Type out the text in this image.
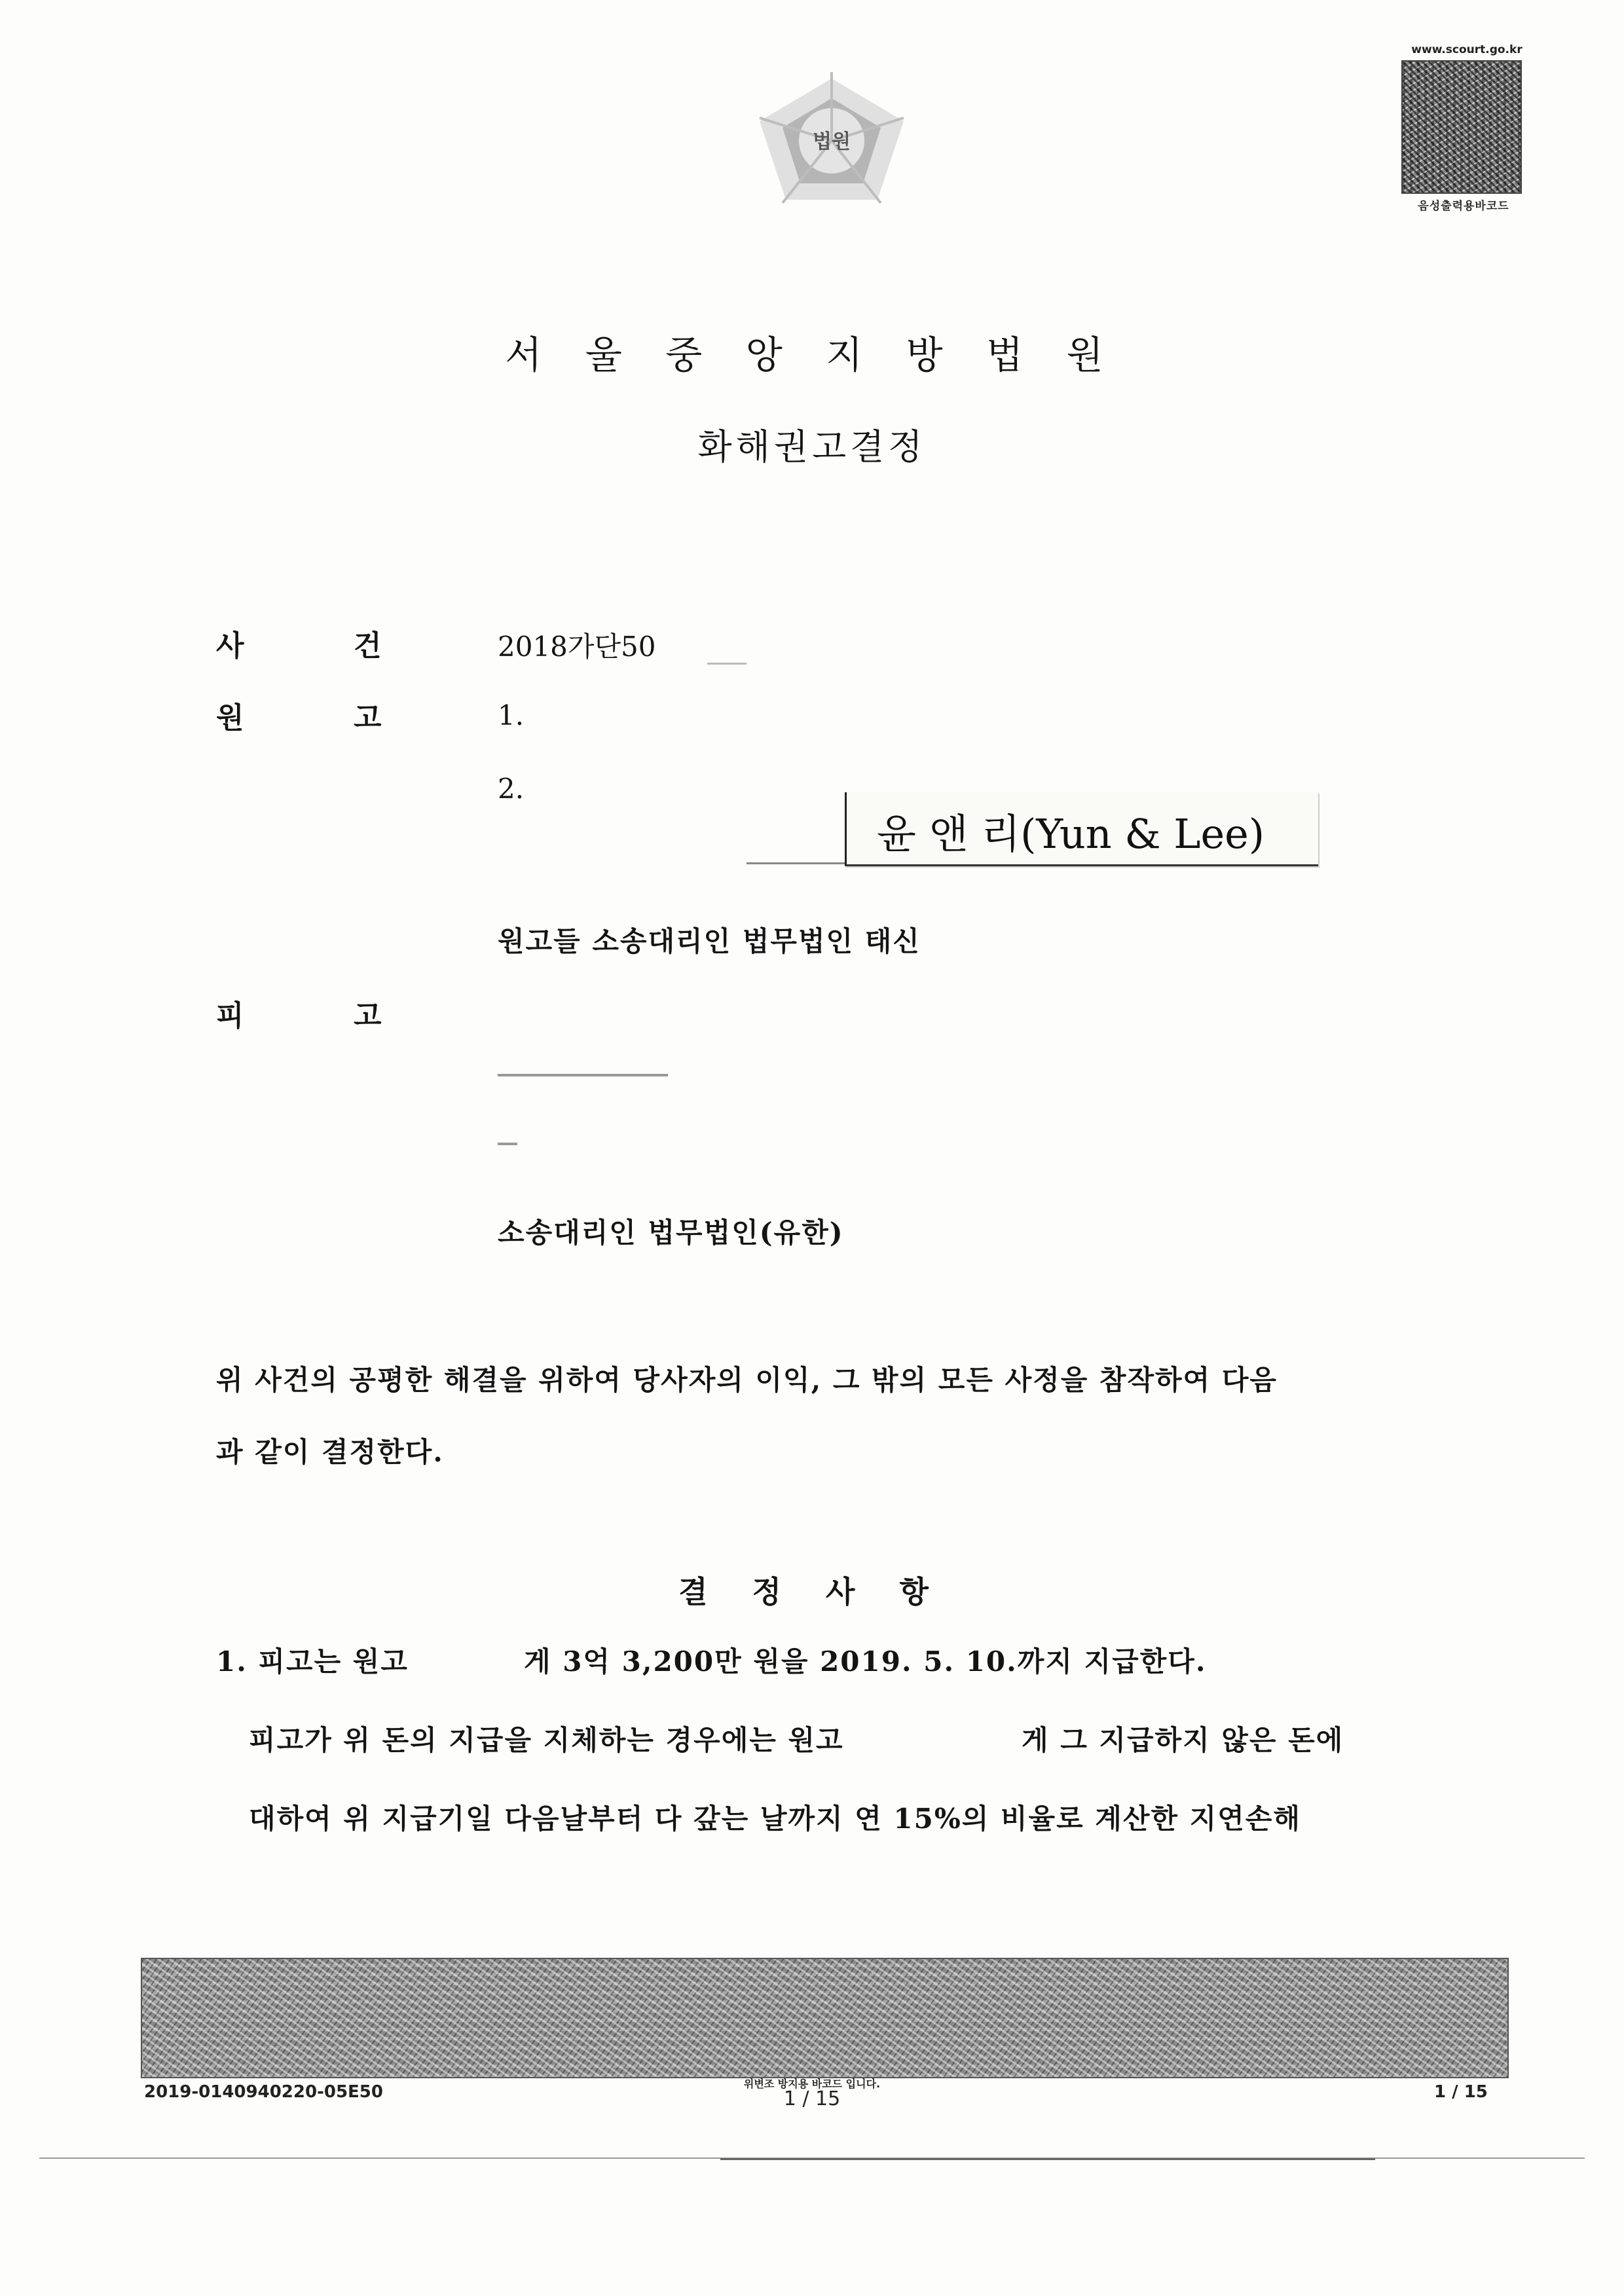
법원
www.scourt.go.kr
음성출력용바코드
서 울 중 앙 지 방 법 원
화해권고결정
사	건	2018가단50
원	고	1.
2.
윤 앤 리(Yun & Lee)
원고들 소송대리인 법무법인 태신
피	고
소송대리인 법무법인(유한)
위 사건의 공평한 해결을 위하여 당사자의 이익, 그 밖의 모든 사정을 참작하여 다음
과 같이 결정한다.
결 정 사 항
1. 피고는 원고	게 3억 3,200만 원을 2019. 5. 10.까지 지급한다.
피고가 위 돈의 지급을 지체하는 경우에는 원고	게 그 지급하지 않은 돈에
대하여 위 지급기일 다음날부터 다 갚는 날까지 연 15%의 비율로 계산한 지연손해
2019-0140940220-05E50	위변조 방지용 바코드 입니다.
1 / 15	1 / 15
